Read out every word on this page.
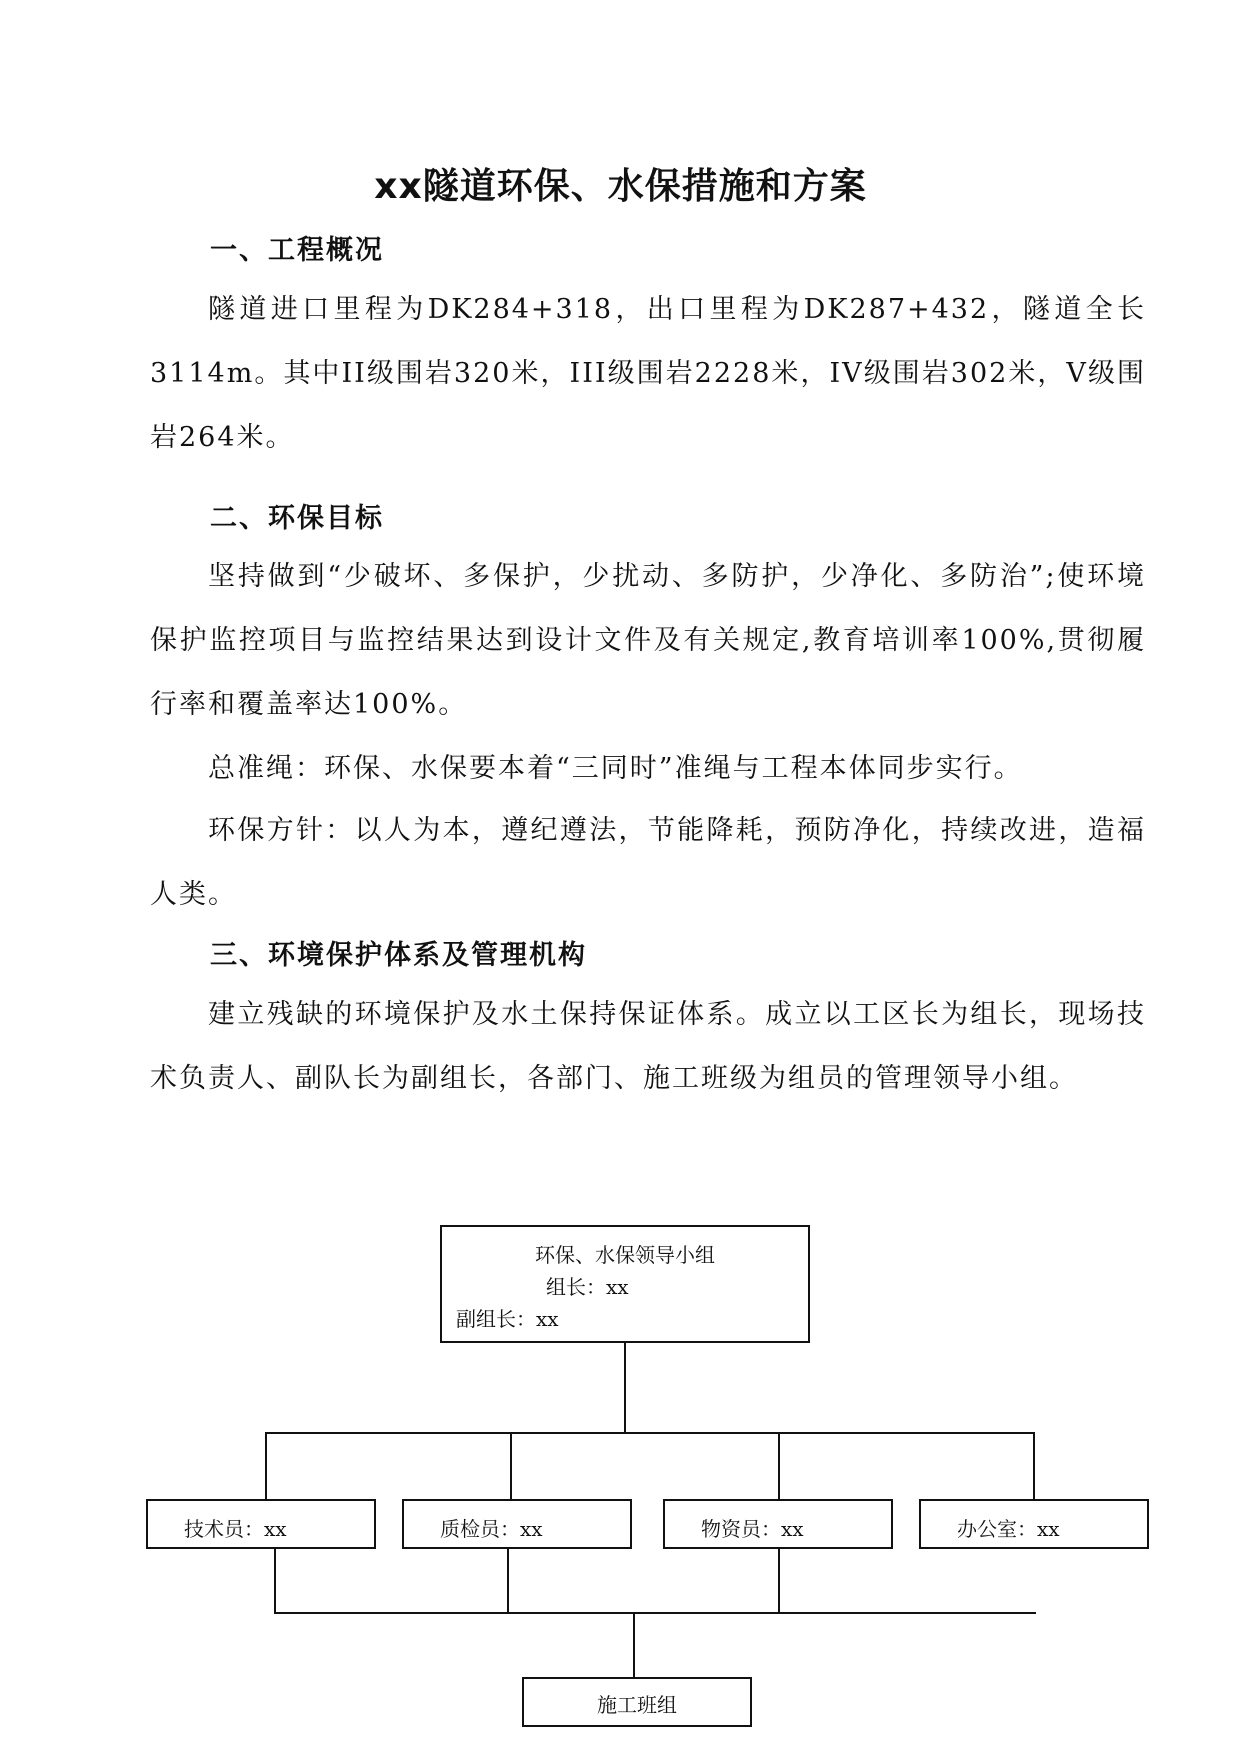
xx隧道环保、水保措施和方案
一、工程概况

隧道进口里程为DK284+318，出口里程为DK287+432，隧道全长3114m。其中II级围岩320米，III级围岩2228米，IV级围岩302米，V级围岩264米。

二、环保目标

坚持做到“少破坏、多保护，少扰动、多防护，少净化、多防治”;使环境保护监控项目与监控结果达到设计文件及有关规定,教育培训率100%,贯彻履行率和覆盖率达100%。

总准绳：环保、水保要本着“三同时”准绳与工程本体同步实行。

环保方针：以人为本，遵纪遵法，节能降耗，预防净化，持续改进，造福人类。

三、环境保护体系及管理机构

建立残缺的环境保护及水土保持保证体系。成立以工区长为组长，现场技术负责人、副队长为副组长，各部门、施工班级为组员的管理领导小组。

环保、水保领导小组
组长：xx
副组长：xx
技术员：xx	质检员：xx	物资员：xx	办公室：xx
施工班组
